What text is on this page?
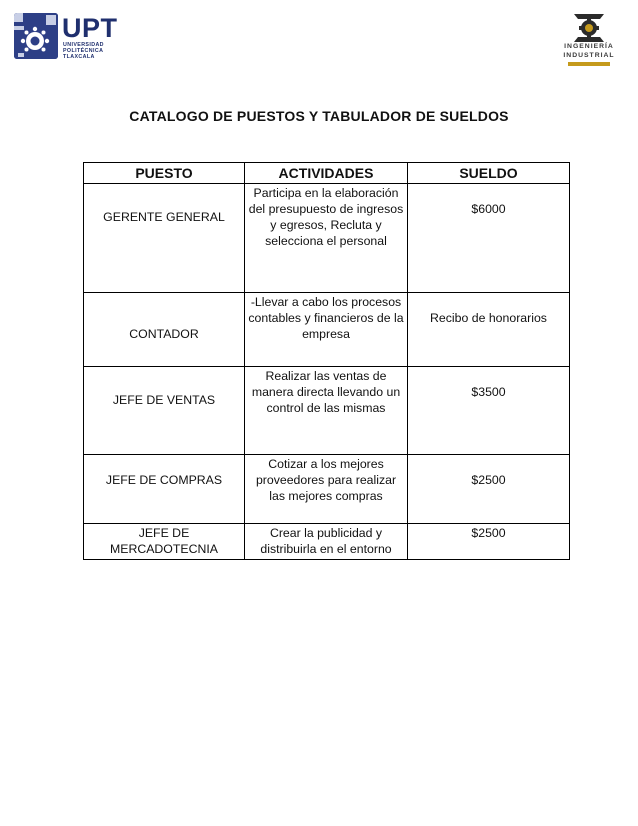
UPT
UNIVERSIDAD
POLITÉCNICA
TLAXCALA
INGENIERÍA
INDUSTRIAL
CATALOGO DE PUESTOS Y TABULADOR DE SUELDOS
PUESTO	ACTIVIDADES	SUELDO
GERENTE GENERAL	Participa en la elaboración del presupuesto de ingresos y egresos, Recluta y selecciona el personal	$6000
CONTADOR	-Llevar a cabo los procesos contables y financieros de la empresa	Recibo de honorarios
JEFE DE VENTAS	Realizar las ventas de manera directa llevando un control de las mismas	$3500
JEFE DE COMPRAS	Cotizar a los mejores proveedores para realizar las mejores compras	$2500
JEFE DE MERCADOTECNIA	Crear la publicidad y distribuirla en el entorno	$2500
